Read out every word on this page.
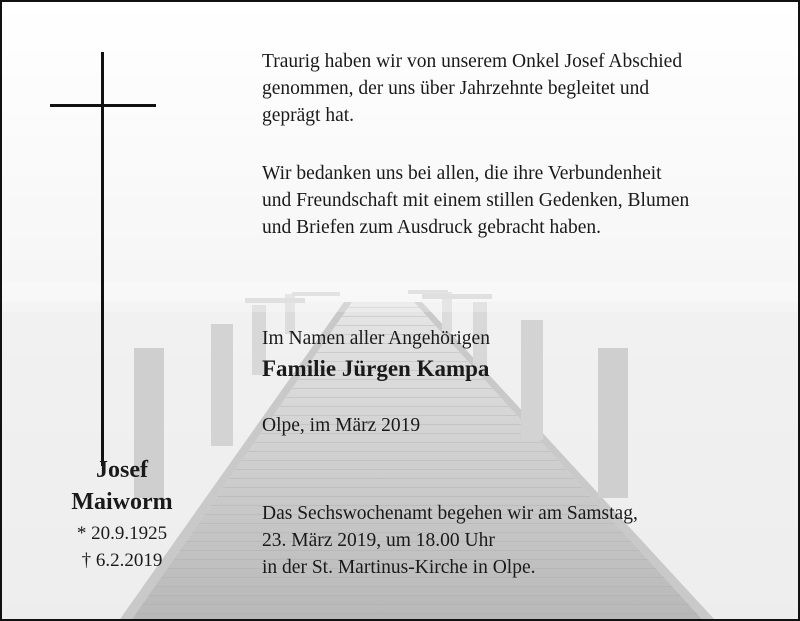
Traurig haben wir von unserem Onkel Josef Abschied
genommen, der uns über Jahrzehnte begleitet und
geprägt hat.
Wir bedanken uns bei allen, die ihre Verbundenheit
und Freundschaft mit einem stillen Gedenken, Blumen
und Briefen zum Ausdruck gebracht haben.
Im Namen aller Angehörigen
Familie Jürgen Kampa
Olpe, im März 2019
Das Sechswochenamt begehen wir am Samstag,
23. März 2019, um 18.00 Uhr
in der St. Martinus-Kirche in Olpe.
Josef
Maiworm
* 20.9.1925
† 6.2.2019
